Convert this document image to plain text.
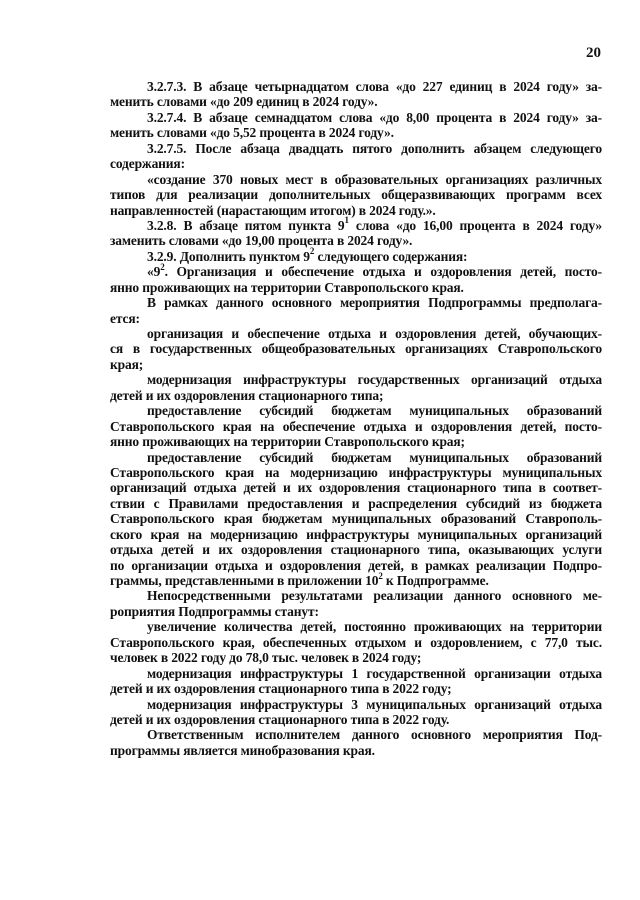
20
3.2.7.3. В абзаце четырнадцатом слова «до 227 единиц в 2024 году» за-
менить словами «до 209 единиц в 2024 году».
3.2.7.4. В абзаце семнадцатом слова «до 8,00 процента в 2024 году» за-
менить словами «до 5,52 процента в 2024 году».
3.2.7.5. После абзаца двадцать пятого дополнить абзацем следующего
содержания:
«создание 370 новых мест в образовательных организациях различных
типов для реализации дополнительных общеразвивающих программ всех
направленностей (нарастающим итогом) в 2024 году.».
3.2.8. В абзаце пятом пункта $9^1$ слова «до 16,00 процента в 2024 году»
заменить словами «до 19,00 процента в 2024 году».
3.2.9. Дополнить пунктом $9^2$ следующего содержания:
«$9^2$. Организация и обеспечение отдыха и оздоровления детей, посто-
янно проживающих на территории Ставропольского края.
В рамках данного основного мероприятия Подпрограммы предполага-
ется:
организация и обеспечение отдыха и оздоровления детей, обучающих-
ся в государственных общеобразовательных организациях Ставропольского
края;
модернизация инфраструктуры государственных организаций отдыха
детей и их оздоровления стационарного типа;
предоставление субсидий бюджетам муниципальных образований
Ставропольского края на обеспечение отдыха и оздоровления детей, посто-
янно проживающих на территории Ставропольского края;
предоставление субсидий бюджетам муниципальных образований
Ставропольского края на модернизацию инфраструктуры муниципальных
организаций отдыха детей и их оздоровления стационарного типа в соответ-
ствии с Правилами предоставления и распределения субсидий из бюджета
Ставропольского края бюджетам муниципальных образований Ставрополь-
ского края на модернизацию инфраструктуры муниципальных организаций
отдыха детей и их оздоровления стационарного типа, оказывающих услуги
по организации отдыха и оздоровления детей, в рамках реализации Подпро-
граммы, представленными в приложении $10^2$ к Подпрограмме.
Непосредственными результатами реализации данного основного ме-
роприятия Подпрограммы станут:
увеличение количества детей, постоянно проживающих на территории
Ставропольского края, обеспеченных отдыхом и оздоровлением, с 77,0 тыс.
человек в 2022 году до 78,0 тыс. человек в 2024 году;
модернизация инфраструктуры 1 государственной организации отдыха
детей и их оздоровления стационарного типа в 2022 году;
модернизация инфраструктуры 3 муниципальных организаций отдыха
детей и их оздоровления стационарного типа в 2022 году.
Ответственным исполнителем данного основного мероприятия Под-
программы является минобразования края.
